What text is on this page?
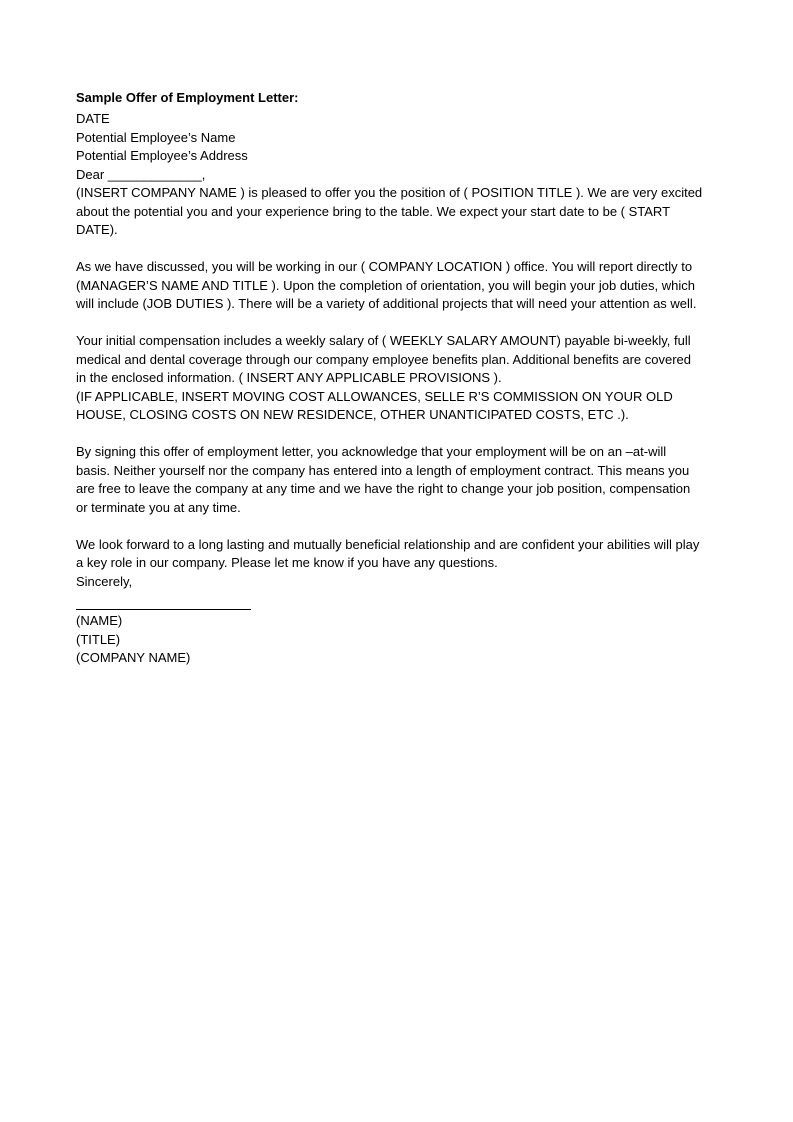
Sample Offer of Employment Letter:
DATE
Potential Employee’s Name
Potential Employee’s Address
Dear _____________,
(INSERT COMPANY NAME ) is pleased to offer you the position of ( POSITION TITLE ). We are very excited
about the potential you and your experience bring to the table. We expect your start date to be ( START
DATE).
As we have discussed, you will be working in our ( COMPANY LOCATION ) office. You will report directly to
(MANAGER’S NAME AND TITLE ). Upon the completion of orientation, you will begin your job duties, which
will include (JOB DUTIES ). There will be a variety of additional projects that will need your attention as well.
Your initial compensation includes a weekly salary of ( WEEKLY SALARY AMOUNT) payable bi-weekly, full
medical and dental coverage through our company employee benefits plan. Additional benefits are covered
in the enclosed information. ( INSERT ANY APPLICABLE PROVISIONS ).
(IF APPLICABLE, INSERT MOVING COST ALLOWANCES, SELLE R’S COMMISSION ON YOUR OLD
HOUSE, CLOSING COSTS ON NEW RESIDENCE, OTHER UNANTICIPATED COSTS, ETC .).
By signing this offer of employment letter, you acknowledge that your employment will be on an –at-will
basis. Neither yourself nor the company has entered into a length of employment contract. This means you
are free to leave the company at any time and we have the right to change your job position, compensation
or terminate you at any time.
We look forward to a long lasting and mutually beneficial relationship and are confident your abilities will play
a key role in our company. Please let me know if you have any questions.
Sincerely,
(NAME)
(TITLE)
(COMPANY NAME)
